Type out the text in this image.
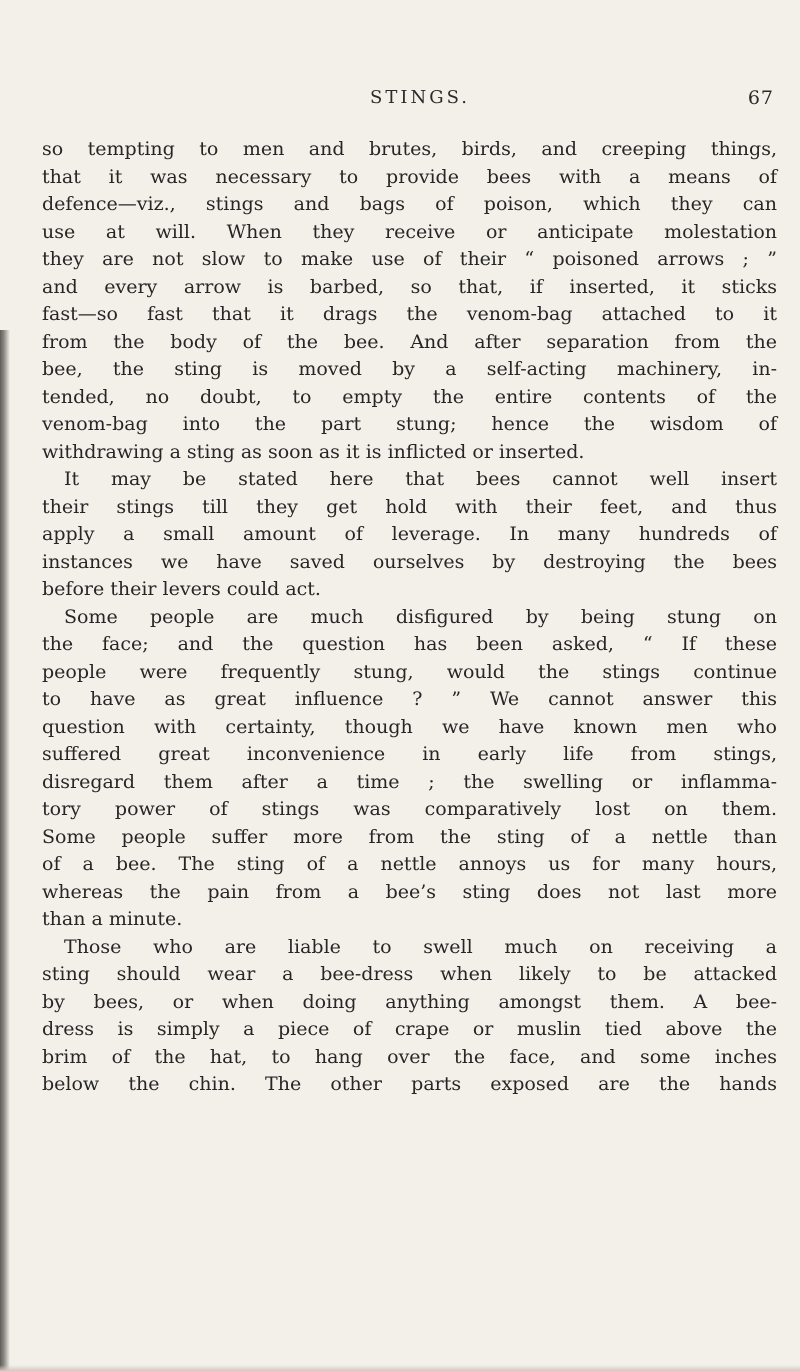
STINGS.	67
so tempting to men and brutes, birds, and creeping things,
that it was necessary to provide bees with a means of
defence—viz., stings and bags of poison, which they can
use at will. When they receive or anticipate molestation
they are not slow to make use of their “ poisoned arrows ; ”
and every arrow is barbed, so that, if inserted, it sticks
fast—so fast that it drags the venom-bag attached to it
from the body of the bee. And after separation from the
bee, the sting is moved by a self-acting machinery, in-
tended, no doubt, to empty the entire contents of the
venom-bag into the part stung; hence the wisdom of
withdrawing a sting as soon as it is inflicted or inserted.
It may be stated here that bees cannot well insert
their stings till they get hold with their feet, and thus
apply a small amount of leverage. In many hundreds of
instances we have saved ourselves by destroying the bees
before their levers could act.
Some people are much disfigured by being stung on
the face; and the question has been asked, “ If these
people were frequently stung, would the stings continue
to have as great influence ? ” We cannot answer this
question with certainty, though we have known men who
suffered great inconvenience in early life from stings,
disregard them after a time ; the swelling or inflamma-
tory power of stings was comparatively lost on them.
Some people suffer more from the sting of a nettle than
of a bee. The sting of a nettle annoys us for many hours,
whereas the pain from a bee’s sting does not last more
than a minute.
Those who are liable to swell much on receiving a
sting should wear a bee-dress when likely to be attacked
by bees, or when doing anything amongst them. A bee-
dress is simply a piece of crape or muslin tied above the
brim of the hat, to hang over the face, and some inches
below the chin. The other parts exposed are the hands
